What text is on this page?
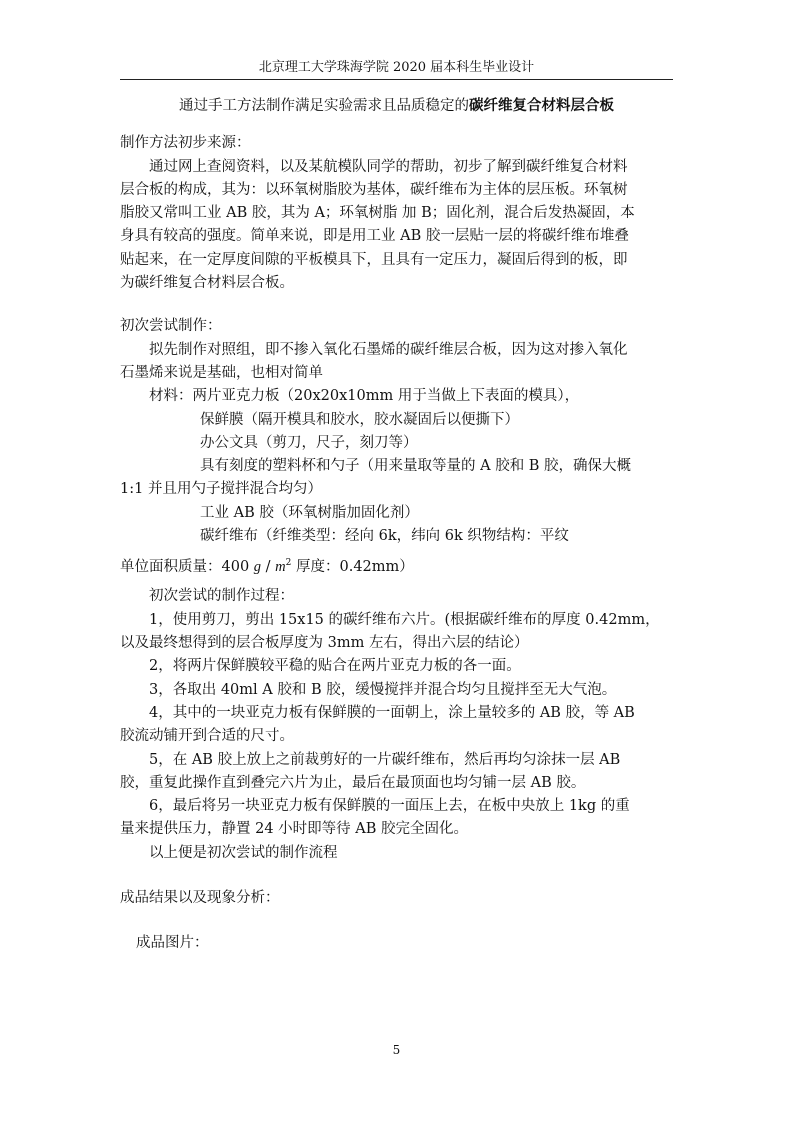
北京理工大学珠海学院 2020 届本科生毕业设计
通过手工方法制作满足实验需求且品质稳定的碳纤维复合材料层合板
制作方法初步来源：
通过网上查阅资料，以及某航模队同学的帮助，初步了解到碳纤维复合材料
层合板的构成，其为：以环氧树脂胶为基体，碳纤维布为主体的层压板。环氧树
脂胶又常叫工业 AB 胶，其为 A；环氧树脂 加 B；固化剂，混合后发热凝固，本
身具有较高的强度。简单来说，即是用工业 AB 胶一层贴一层的将碳纤维布堆叠
贴起来，在一定厚度间隙的平板模具下，且具有一定压力，凝固后得到的板，即
为碳纤维复合材料层合板。
初次尝试制作：
拟先制作对照组，即不掺入氧化石墨烯的碳纤维层合板，因为这对掺入氧化
石墨烯来说是基础，也相对简单
材料：两片亚克力板（20x20x10mm 用于当做上下表面的模具），
保鲜膜（隔开模具和胶水，胶水凝固后以便撕下）
办公文具（剪刀，尺子，刻刀等）
具有刻度的塑料杯和勺子（用来量取等量的 A 胶和 B 胶，确保大概
1:1 并且用勺子搅拌混合均匀）
工业 AB 胶（环氧树脂加固化剂）
碳纤维布（纤维类型：经向 6k，纬向 6k 织物结构：平纹
单位面积质量：400 g / $m^2$ 厚度：0.42mm）
初次尝试的制作过程：
1，使用剪刀，剪出 15x15 的碳纤维布六片。(根据碳纤维布的厚度 0.42mm，
以及最终想得到的层合板厚度为 3mm 左右，得出六层的结论）
2，将两片保鲜膜较平稳的贴合在两片亚克力板的各一面。
3，各取出 40ml A 胶和 B 胶，缓慢搅拌并混合均匀且搅拌至无大气泡。
4，其中的一块亚克力板有保鲜膜的一面朝上，涂上量较多的 AB 胶，等 AB
胶流动铺开到合适的尺寸。
5，在 AB 胶上放上之前裁剪好的一片碳纤维布，然后再均匀涂抹一层 AB
胶，重复此操作直到叠完六片为止，最后在最顶面也均匀铺一层 AB 胶。
6，最后将另一块亚克力板有保鲜膜的一面压上去，在板中央放上 1kg 的重
量来提供压力，静置 24 小时即等待 AB 胶完全固化。
以上便是初次尝试的制作流程
成品结果以及现象分析：
成品图片：
5
